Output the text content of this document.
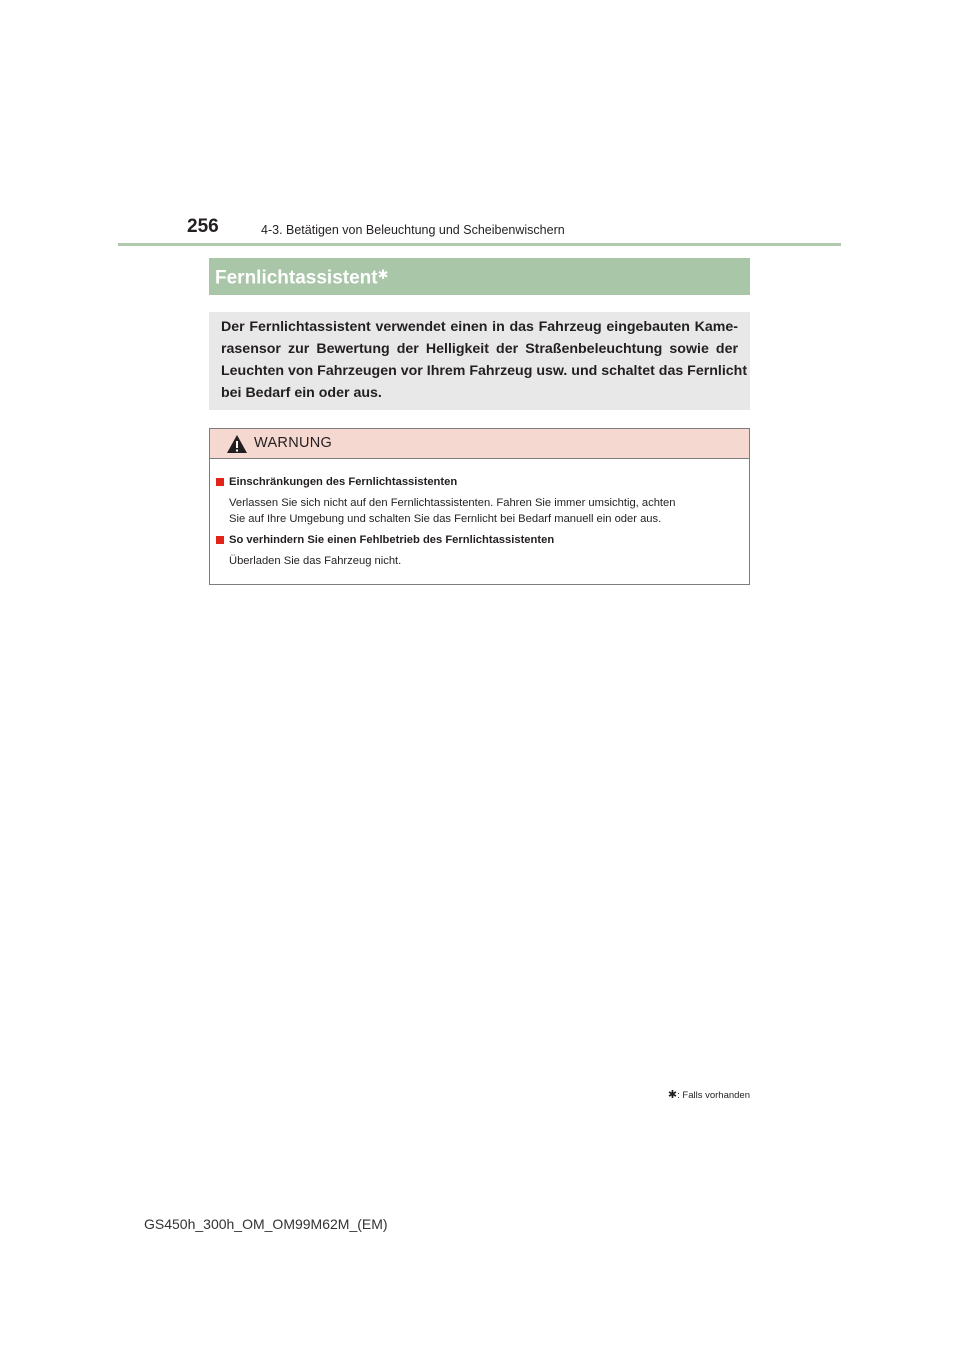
256	4-3. Betätigen von Beleuchtung und Scheibenwischern
Fernlichtassistent✱
Der Fernlichtassistent verwendet einen in das Fahrzeug eingebauten Kame-
rasensor zur Bewertung der Helligkeit der Straßenbeleuchtung sowie der
Leuchten von Fahrzeugen vor Ihrem Fahrzeug usw. und schaltet das Fernlicht
bei Bedarf ein oder aus.
WARNUNG
Einschränkungen des Fernlichtassistenten
Verlassen Sie sich nicht auf den Fernlichtassistenten. Fahren Sie immer umsichtig, achten
Sie auf Ihre Umgebung und schalten Sie das Fernlicht bei Bedarf manuell ein oder aus.
So verhindern Sie einen Fehlbetrieb des Fernlichtassistenten
Überladen Sie das Fahrzeug nicht.
✱: Falls vorhanden
GS450h_300h_OM_OM99M62M_(EM)
